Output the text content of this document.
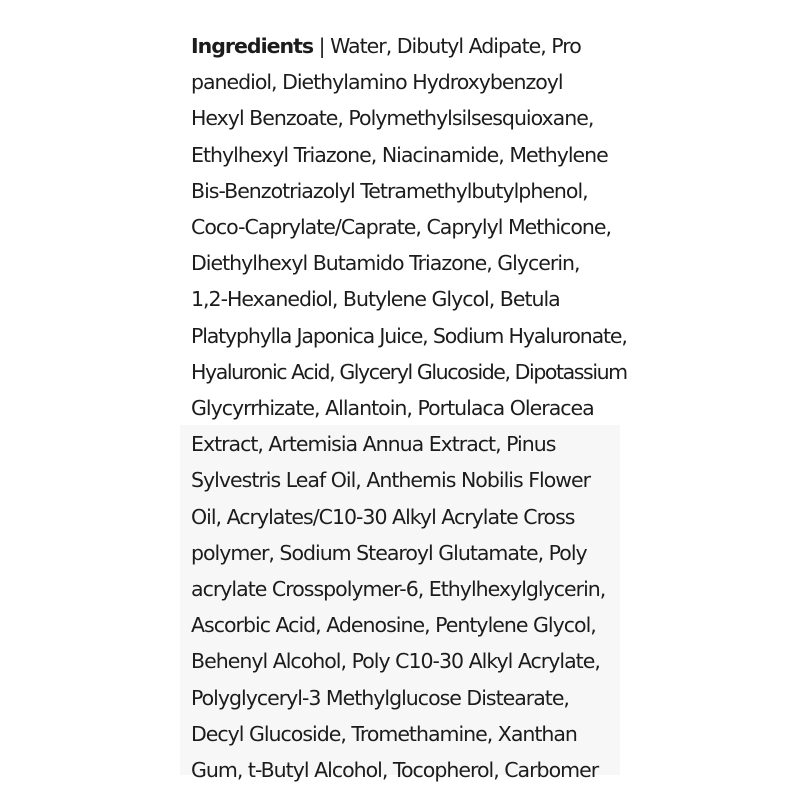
Ingredients | Water, Dibutyl Adipate, Pro
panediol, Diethylamino Hydroxybenzoyl
Hexyl Benzoate, Polymethylsilsesquioxane,
Ethylhexyl Triazone, Niacinamide, Methylene
Bis-Benzotriazolyl Tetramethylbutylphenol,
Coco-Caprylate/Caprate, Caprylyl Methicone,
Diethylhexyl Butamido Triazone, Glycerin,
1,2-Hexanediol, Butylene Glycol, Betula
Platyphylla Japonica Juice, Sodium Hyaluronate,
Hyaluronic Acid, Glyceryl Glucoside, Dipotassium
Glycyrrhizate, Allantoin, Portulaca Oleracea
Extract, Artemisia Annua Extract, Pinus
Sylvestris Leaf Oil, Anthemis Nobilis Flower
Oil, Acrylates/C10-30 Alkyl Acrylate Cross
polymer, Sodium Stearoyl Glutamate, Poly
acrylate Crosspolymer-6, Ethylhexylglycerin,
Ascorbic Acid, Adenosine, Pentylene Glycol,
Behenyl Alcohol, Poly C10-30 Alkyl Acrylate,
Polyglyceryl-3 Methylglucose Distearate,
Decyl Glucoside, Tromethamine, Xanthan
Gum, t-Butyl Alcohol, Tocopherol, Carbomer
